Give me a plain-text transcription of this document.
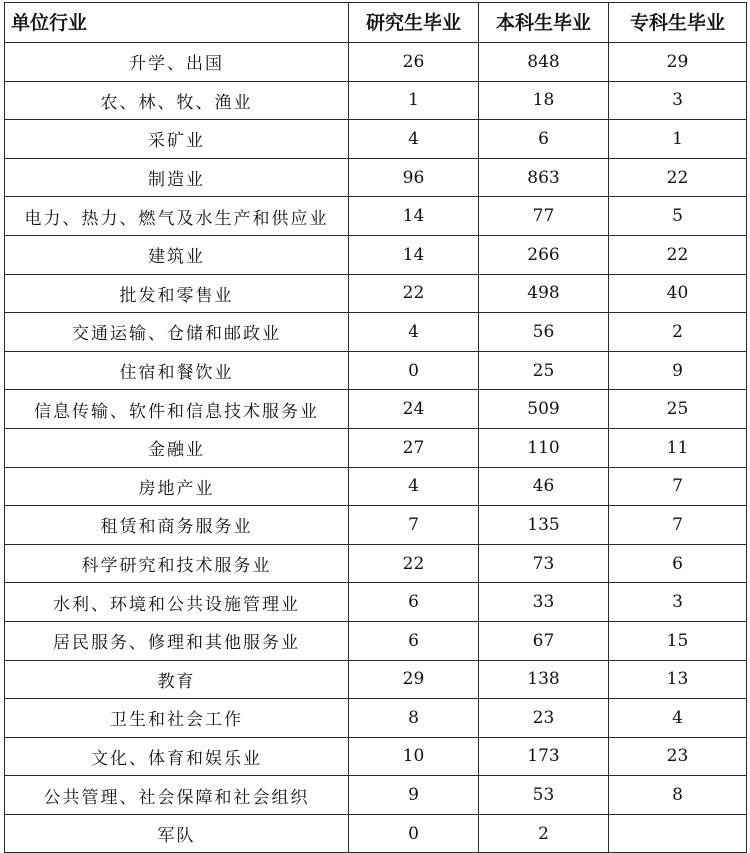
单位行业	研究生毕业	本科生毕业	专科生毕业
升学、出国	26	848	29
农、林、牧、渔业	1	18	3
采矿业	4	6	1
制造业	96	863	22
电力、热力、燃气及水生产和供应业	14	77	5
建筑业	14	266	22
批发和零售业	22	498	40
交通运输、仓储和邮政业	4	56	2
住宿和餐饮业	0	25	9
信息传输、软件和信息技术服务业	24	509	25
金融业	27	110	11
房地产业	4	46	7
租赁和商务服务业	7	135	7
科学研究和技术服务业	22	73	6
水利、环境和公共设施管理业	6	33	3
居民服务、修理和其他服务业	6	67	15
教育	29	138	13
卫生和社会工作	8	23	4
文化、体育和娱乐业	10	173	23
公共管理、社会保障和社会组织	9	53	8
军队	0	2	
